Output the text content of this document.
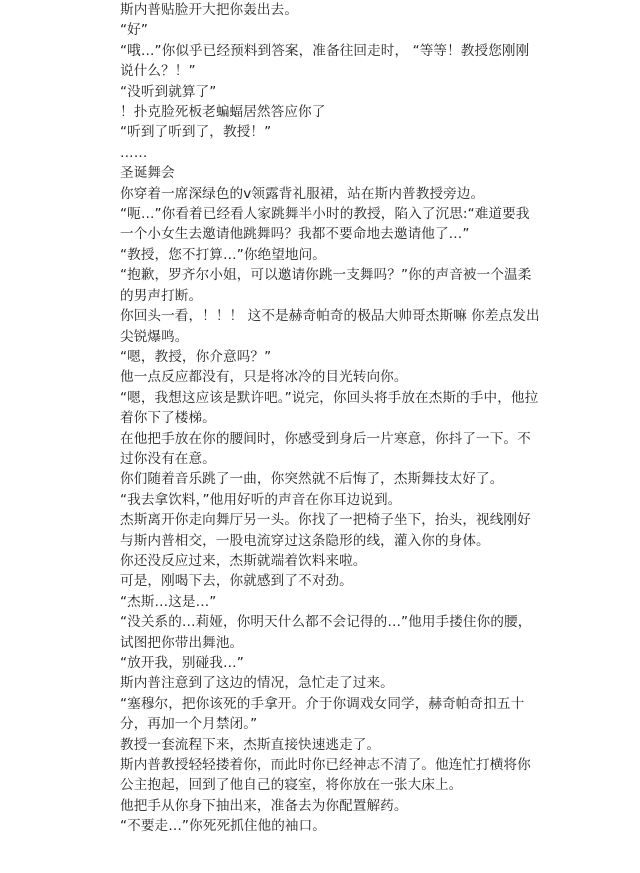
斯内普贴脸开大把你轰出去。

“好”

“哦…”你似乎已经预料到答案，准备往回走时， “等等！教授您刚刚说什么？！”

“没听到就算了”

！扑克脸死板老蝙蝠居然答应你了

“听到了听到了，教授！”

……

圣诞舞会

你穿着一席深绿色的v领露背礼服裙，站在斯内普教授旁边。

“呃…”你看着已经看人家跳舞半小时的教授，陷入了沉思:“难道要我一个小女生去邀请他跳舞吗？我都不要命地去邀请他了…”

“教授，您不打算…”你绝望地问。

“抱歉，罗齐尔小姐，可以邀请你跳一支舞吗？”你的声音被一个温柔的男声打断。

你回头一看，！！！ 这不是赫奇帕奇的极品大帅哥杰斯嘛 你差点发出尖锐爆鸣。

“嗯，教授，你介意吗？”

他一点反应都没有，只是将冰冷的目光转向你。

“嗯，我想这应该是默许吧。”说完，你回头将手放在杰斯的手中，他拉着你下了楼梯。

在他把手放在你的腰间时，你感受到身后一片寒意，你抖了一下。不过你没有在意。

你们随着音乐跳了一曲，你突然就不后悔了，杰斯舞技太好了。

“我去拿饮料，”他用好听的声音在你耳边说到。

杰斯离开你走向舞厅另一头。你找了一把椅子坐下，抬头，视线刚好与斯内普相交，一股电流穿过这条隐形的线，灌入你的身体。

你还没反应过来，杰斯就端着饮料来啦。

可是，刚喝下去，你就感到了不对劲。

“杰斯…这是…”

“没关系的…莉娅，你明天什么都不会记得的…”他用手搂住你的腰，试图把你带出舞池。

“放开我，别碰我…”

斯内普注意到了这边的情况，急忙走了过来。

“塞穆尔，把你该死的手拿开。介于你调戏女同学，赫奇帕奇扣五十分，再加一个月禁闭。”

教授一套流程下来，杰斯直接快速逃走了。

斯内普教授轻轻搂着你，而此时你已经神志不清了。他连忙打横将你公主抱起，回到了他自己的寝室，将你放在一张大床上。

他把手从你身下抽出来，准备去为你配置解药。

“不要走…”你死死抓住他的袖口。
